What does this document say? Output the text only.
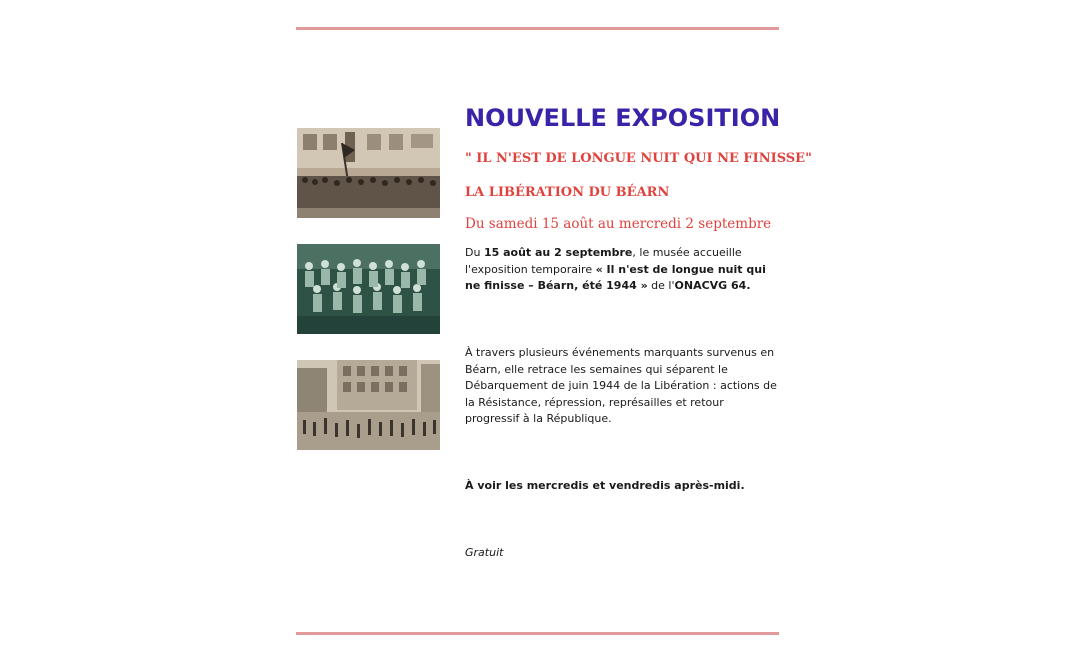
NOUVELLE EXPOSITION
" IL N'EST DE LONGUE NUIT QUI NE FINISSE"
LA LIBÉRATION DU BÉARN

Du samedi 15 août au mercredi 2 septembre

Du 15 août au 2 septembre, le musée accueille l'exposition temporaire « Il n'est de longue nuit qui ne finisse – Béarn, été 1944 » de l'ONACVG 64.

À travers plusieurs événements marquants survenus en Béarn, elle retrace les semaines qui séparent le Débarquement de juin 1944 de la Libération : actions de la Résistance, répression, représailles et retour progressif à la République.

À voir les mercredis et vendredis après-midi.

Gratuit
